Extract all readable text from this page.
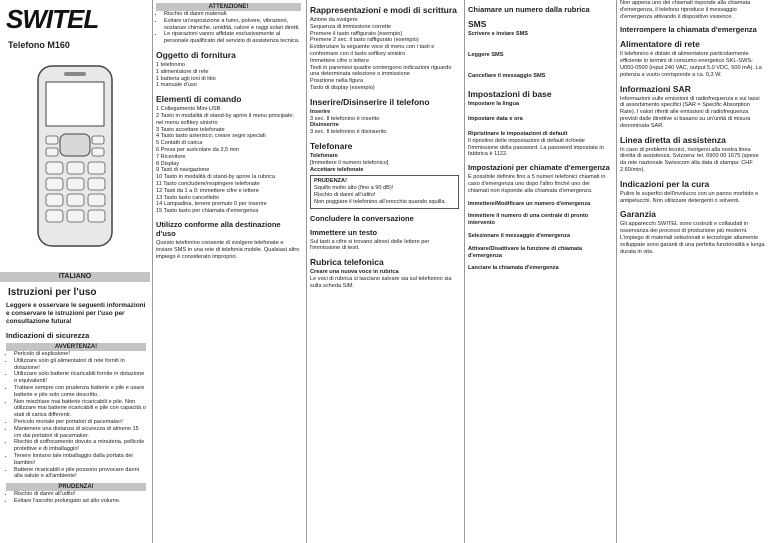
SWITEL
Telefono M160
ITALIANO
Istruzioni per l'uso
Leggere e osservare le seguenti informazioni e conservare le istruzioni per l'uso per consultazione futura!
Indicazioni di sicurezza
AVVERTENZA!
• Pericolo di esplosione!
• Utilizzare solo gli alimentatori di rete forniti in dotazione!
• Utilizzare solo batterie ricaricabili fornite in dotazione o equivalenti!
• Trattare sempre con prudenza batterie e pile e usare batterie e pile solo come descritto.
• Non mischiare mai batterie ricaricabili e pile. Non utilizzare mai batterie ricaricabili e pile con capacità o stati di carica differenti.
• Pericolo mortale per portatori di pacemaker!
• Mantenere una distanza di sicurezza di almeno 15 cm dai portatori di pacemaker.
• Rischio di soffocamento dovuto a minuteria, pellicole protettive e di imballaggio!
• Tenere lontano tale imballaggio dalla portata dei bambini!
• Batterie ricaricabili e pile possono provocare danni alla salute e all'ambiente!
PRUDENZA!
• Rischio di danni all'udito!
• Evitare l'ascolto prolungato ad alto volume.
ATTENZIONE!
• Rischio di danni materiali.
• Evitare un'esposizione a fumo, polvere, vibrazioni, sostanze chimiche, umidità, calore e raggi solari diretti.
• Le riparazioni vanno affidate esclusivamente al personale qualificato del servizio di assistenza tecnica.
Oggetto di fornitura
1 telefonino
1 alimentatore di rete
1 batteria agli ioni di litio
1 manuale d'uso
Elementi di comando
1 Collegamento Mini-USB
2 Tasto in modalità di stand-by aprire il menu principale; nel menu softkey sinistro
3 Tasto accettare telefonate
4 Tasto tasto asterisco; creare segni speciali
5 Contatti di carica
6 Presa per auricolare da 3,5 mm
7 Ricevitore
8 Display
9 Tasti di navigazione
10 Tasto in modalità di stand-by aprire la rubrica
11 Tasto concludere/respingere telefonate
12 Tasti da 1 a 0: immettere cifre e lettere
13 Tasto tasto cancelletto
14 Lampadina, tenere premuto 0 per inserire
15 Tasto tasto per chiamata d'emergenza
Utilizzo conforme alla destinazione d'uso
Questo telefonino consente di svolgere telefonate e inviare SMS in una rete di telefonia mobile. Qualsiasi altro impiego è considerato improprio.
Rappresentazioni e modi di scrittura
Azione da svolgere
Sequenza di immissione corrette
Premere il tasto raffigurato (esempio)
Premere 2 sec. il tasto raffigurato (esempio)
Evidenziare la seguente voce di menu con i tasti e confermare con il tasto softkey sinistro
Immettere cifre o lettere
Testi in parentesi quadre contengono indicazioni riguardo una determinata selezione o immissione
Posizione nella figura
Tasto di display (esempio)
Inserire/Disinserire il telefono
Inserire
3 sec. Il telefonino è inserito
Disinserire
3 sec. Il telefonino è disinserito
Telefonare
Telefonare
[Immettere il numero telefonico]
Accettare telefonate
PRUDENZA!
Squillo molto alto (fino a 90 dB)!
Rischio di danni all'udito!
Non poggiare il telefonino all'orecchio quando squilla.
Concludere la conversazione
Immettere un testo
Sul tasti a cifre si trovano altresì delle lettere per l'immissione di testi.
Rubrica telefonica
Creare una nuova voce in rubrica
Le voci di rubrica si lasciano salvare sia sul telefonino sia sulla scheda SIM.
Chiamare un numero dalla rubrica
SMS
Scrivere e inviare SMS
Leggere SMS
Cancellare il messaggio SMS
Impostazioni di base
Impostare la lingua
Impostare data e ora
Ripristinare le impostazioni di default
Il ripristino delle impostazioni di default richiede l'immissione della password. La password impostata in fabbrica è 1122.
Impostazioni per chiamate d'emergenza
È possibile definire fino a 5 numeri telefonici chiamati in caso d'emergenza uno dopo l'altro finché uno dei chiamati non risponde alla chiamata d'emergenza.
Immettere/Modificare un numero d'emergenza
Immettere il numero di una centrale di pronto intervento
Selezionare il messaggio d'emergenza
Attivare/Disattivare la funzione di chiamata d'emergenza
Lanciare la chiamata d'emergenza
Non appena uno dei chiamati risponde alla chiamata d'emergenza, il telefono riproduce il messaggio d'emergenza attivando il dispositivo vivavoce.
Interrompere la chiamata d'emergenza
Alimentatore di rete
Il telefonino è dotato di alimentatore particolarmente efficiente in termini di consumo energetico SKL-SWS-U050-0500 (input 240 VAC, output 5,0 VDC, 500 mA). La potenza a vuoto corrisponde a ca. 0,3 W.
Informazioni SAR
Informazioni sulle emissioni di radiofrequenza e sui tassi di assorbimento specifici (SAR = Specific Absorption Rate). I valori riferiti alle emissioni di radiofrequenza previsti dalle direttive si basano su un'unità di misura denominata SAR.
Linea diretta di assistenza
In caso di problemi tecnici, rivolgersi alla nostra linea diretta di assistenza. Svizzera: tel. 0900 00 1675 (spese da rete nazionale Swisscom alla data di stampa: CHF 2.60/min).
Indicazioni per la cura
Pulire le superfici dell'involucro con un panno morbido e antipelucchi. Non utilizzare detergenti o solventi.
Garanzia
Gli apparecchi SWITEL sono costruiti e collaudati in osservanza dei processi di produzione più moderni. L'impiego di materiali selezionati e tecnologie altamente sviluppate sono garanti di una perfetta funzionalità e lunga durata in vita.
